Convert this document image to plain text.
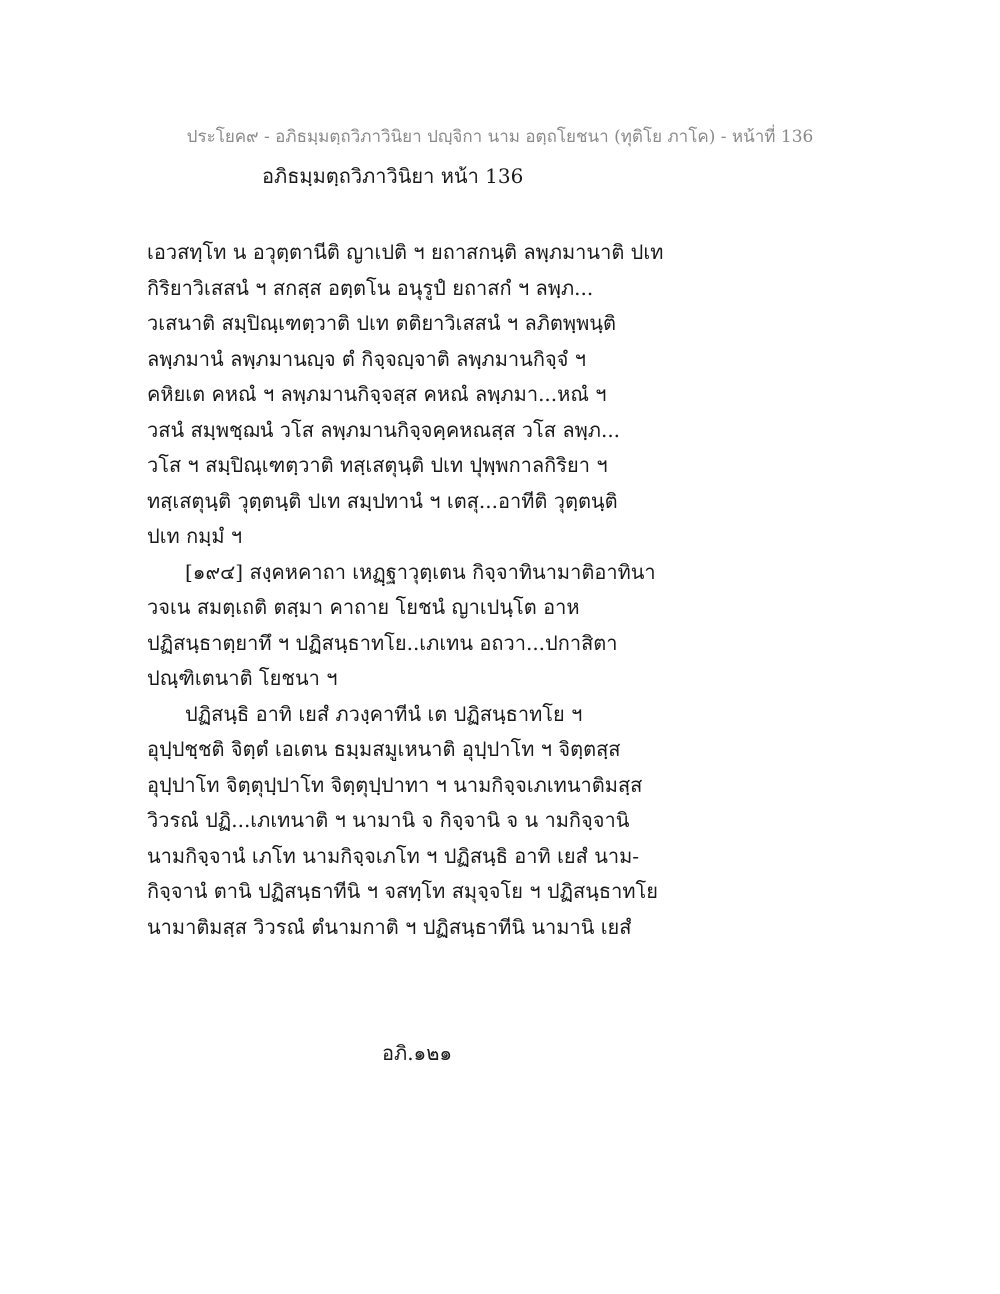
ประโยค๙ - อภิธมฺมตฺถวิภาวินิยา ปญฺจิกา นาม อตฺถโยชนา (ทุติโย ภาโค) - หน้าที่ 136
อภิธมฺมตฺถวิภาวินิยา หน้า 136
เอวสทฺโท น อวุตฺตานีติ ญาเปติ ฯ ยถาสกนฺติ ลพฺภมานาติ ปเท
กิริยาวิเสสนํ ฯ สกสฺส อตฺตโน อนุรูปํ ยถาสกํ ฯ ลพฺภ...
วเสนาติ สมฺปิณฺเฑตฺวาติ ปเท ตติยาวิเสสนํ ฯ ลภิตพฺพนฺติ
ลพฺภมานํ ลพฺภมานญฺจ ตํ กิจฺจญฺจาติ ลพฺภมานกิจฺจํ ฯ
คหิยเต คหณํ ฯ ลพฺภมานกิจฺจสฺส คหณํ ลพฺภมา...หณํ ฯ
วสนํ สมฺพชฺฌนํ วโส ลพฺภมานกิจฺจคฺคหณสฺส วโส ลพฺภ...
วโส ฯ สมฺปิณฺเฑตฺวาติ ทสฺเสตุนฺติ ปเท ปุพฺพกาลกิริยา ฯ
ทสฺเสตุนฺติ วุตฺตนฺติ ปเท สมฺปทานํ ฯ เตสุ...อาทีติ วุตฺตนฺติ
ปเท กมฺมํ ฯ
[๑๙๔] สงฺคหคาถา เหฏฺฐาวุตฺเตน กิจฺจาทินามาติอาทินา
วจเน สมตฺเถติ ตสฺมา คาถาย โยชนํ ญาเปนฺโต อาห
ปฏิสนฺธาตฺยาทึ ฯ ปฏิสนฺธาทโย..เภเทน อถวา...ปกาสิตา
ปณฺฑิเตนาติ โยชนา ฯ
ปฏิสนฺธิ อาทิ เยสํ ภวงฺคาทีนํ เต ปฏิสนฺธาทโย ฯ
อุปฺปชฺชติ จิตฺตํ เอเตน ธมฺมสมูเหนาติ อุปฺปาโท ฯ จิตฺตสฺส
อุปฺปาโท จิตฺตุปฺปาโท จิตฺตุปฺปาทา ฯ นามกิจฺจเภเทนาติมสฺส
วิวรณํ ปฏิ...เภเทนาติ ฯ นามานิ จ กิจฺจานิ จ น ามกิจฺจานิ
นามกิจฺจานํ เภโท นามกิจฺจเภโท ฯ ปฏิสนฺธิ อาทิ เยสํ นาม-
กิจฺจานํ ตานิ ปฏิสนฺธาทีนิ ฯ จสทฺโท สมุจฺจโย ฯ ปฏิสนฺธาทโย
นามาติมสฺส วิวรณํ ตํนามกาติ ฯ ปฏิสนฺธาทีนิ นามานิ เยสํ
อภิ.๑๒๑
